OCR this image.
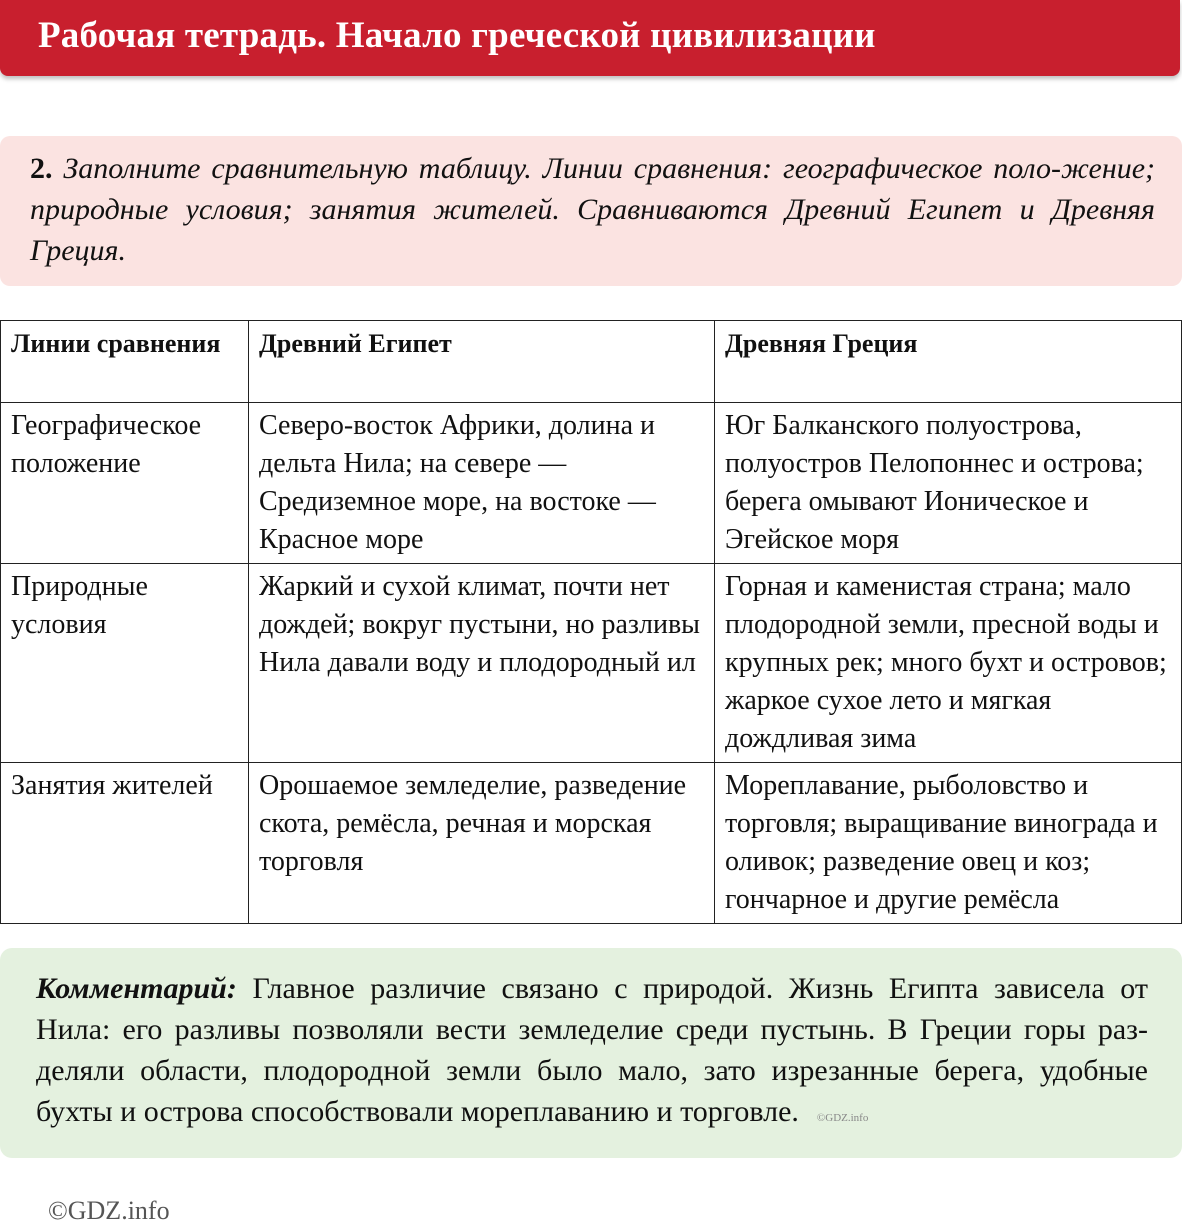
Рабочая тетрадь. Начало греческой цивилизации

2. Заполните сравнительную таблицу. Линии сравнения: географическое поло-жение; природные условия; занятия жителей. Сравниваются Древний Египет и Древняя Греция.

Линии сравнения	Древний Египет	Древняя Греция
Географическое положение	Северо-восток Африки, долина и дельта Нила; на севере — Средиземное море, на востоке — Красное море	Юг Балканского полуострова, полуостров Пелопоннес и острова; берега омывают Ионическое и Эгейское моря
Природные условия	Жаркий и сухой климат, почти нет дождей; вокруг пустыни, но разливы Нила давали воду и плодородный ил	Горная и каменистая страна; мало плодородной земли, пресной воды и крупных рек; много бухт и островов; жаркое сухое лето и мягкая дождливая зима
Занятия жителей	Орошаемое земледелие, разведение скота, ремёсла, речная и морская торговля	Мореплавание, рыболовство и торговля; выращивание винограда и оливок; разведение овец и коз; гончарное и другие ремёсла

Комментарий: Главное различие связано с природой. Жизнь Египта зависела от Нила: его разливы позволяли вести земледелие среди пустынь. В Греции горы раз-деляли области, плодородной земли было мало, зато изрезанные берега, удобные бухты и острова способствовали мореплаванию и торговле. ©GDZ.info

©GDZ.info
